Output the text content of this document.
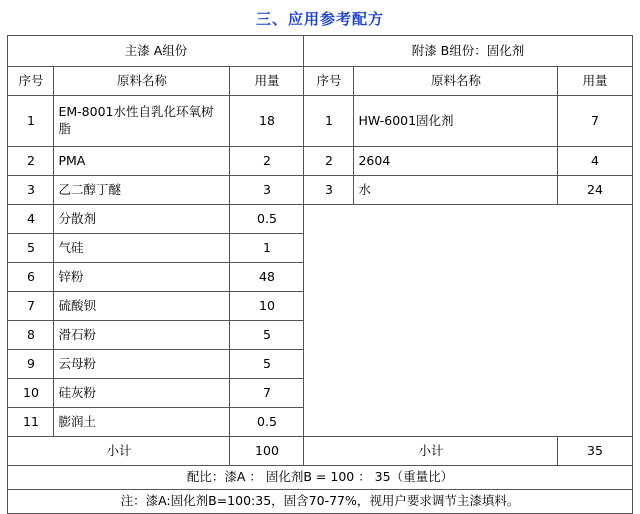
三、应用参考配方
主漆 A组份			附漆 B组份：固化剂		
序号	原料名称	用量	序号	原料名称	用量
1	EM-8001水性自乳化环氧树脂	18	1	HW-6001固化剂	7
2	PMA	2	2	2604	4
3	乙二醇丁醚	3	3	水	24
4	分散剂	0.5			
5	气硅	1			
6	锌粉	48			
7	硫酸钡	10			
8	滑石粉	5			
9	云母粉	5			
10	硅灰粉	7			
11	膨润土	0.5			
小计		100	小计		35
配比：漆A ： 固化剂B = 100 ： 35（重量比）					
注：漆A:固化剂B=100:35，固含70-77%，视用户要求调节主漆填料。					
